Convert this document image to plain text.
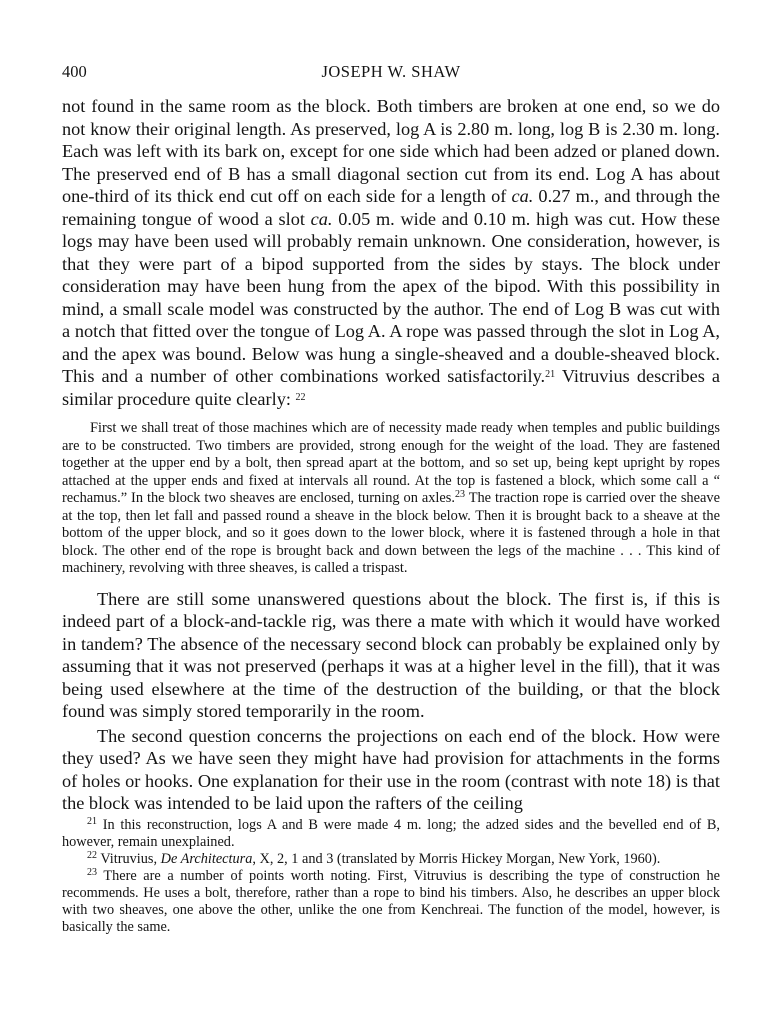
400	JOSEPH W. SHAW

not found in the same room as the block. Both timbers are broken at one end, so we do not know their original length. As preserved, log A is 2.80 m. long, log B is 2.30 m. long. Each was left with its bark on, except for one side which had been adzed or planed down. The preserved end of B has a small diagonal section cut from its end. Log A has about one-third of its thick end cut off on each side for a length of ca. 0.27 m., and through the remaining tongue of wood a slot ca. 0.05 m. wide and 0.10 m. high was cut. How these logs may have been used will probably remain unknown. One consideration, however, is that they were part of a bipod supported from the sides by stays. The block under consideration may have been hung from the apex of the bipod. With this possibility in mind, a small scale model was constructed by the author. The end of Log B was cut with a notch that fitted over the tongue of Log A. A rope was passed through the slot in Log A, and the apex was bound. Below was hung a single-sheaved and a double-sheaved block. This and a number of other combinations worked satisfactorily.$^{21}$ Vitruvius describes a similar procedure quite clearly: $^{22}$

First we shall treat of those machines which are of necessity made ready when temples and public buildings are to be constructed. Two timbers are provided, strong enough for the weight of the load. They are fastened together at the upper end by a bolt, then spread apart at the bottom, and so set up, being kept upright by ropes attached at the upper ends and fixed at intervals all round. At the top is fastened a block, which some call a “ rechamus.” In the block two sheaves are enclosed, turning on axles.$^{23}$ The traction rope is carried over the sheave at the top, then let fall and passed round a sheave in the block below. Then it is brought back to a sheave at the bottom of the upper block, and so it goes down to the lower block, where it is fastened through a hole in that block. The other end of the rope is brought back and down between the legs of the machine . . . This kind of machinery, revolving with three sheaves, is called a trispast.

There are still some unanswered questions about the block. The first is, if this is indeed part of a block-and-tackle rig, was there a mate with which it would have worked in tandem? The absence of the necessary second block can probably be explained only by assuming that it was not preserved (perhaps it was at a higher level in the fill), that it was being used elsewhere at the time of the destruction of the building, or that the block found was simply stored temporarily in the room.

The second question concerns the projections on each end of the block. How were they used? As we have seen they might have had provision for attachments in the forms of holes or hooks. One explanation for their use in the room (contrast with note 18) is that the block was intended to be laid upon the rafters of the ceiling

$^{21}$ In this reconstruction, logs A and B were made 4 m. long; the adzed sides and the bevelled end of B, however, remain unexplained.

$^{22}$ Vitruvius, De Architectura, X, 2, 1 and 3 (translated by Morris Hickey Morgan, New York, 1960).

$^{23}$ There are a number of points worth noting. First, Vitruvius is describing the type of construction he recommends. He uses a bolt, therefore, rather than a rope to bind his timbers. Also, he describes an upper block with two sheaves, one above the other, unlike the one from Kenchreai. The function of the model, however, is basically the same.
